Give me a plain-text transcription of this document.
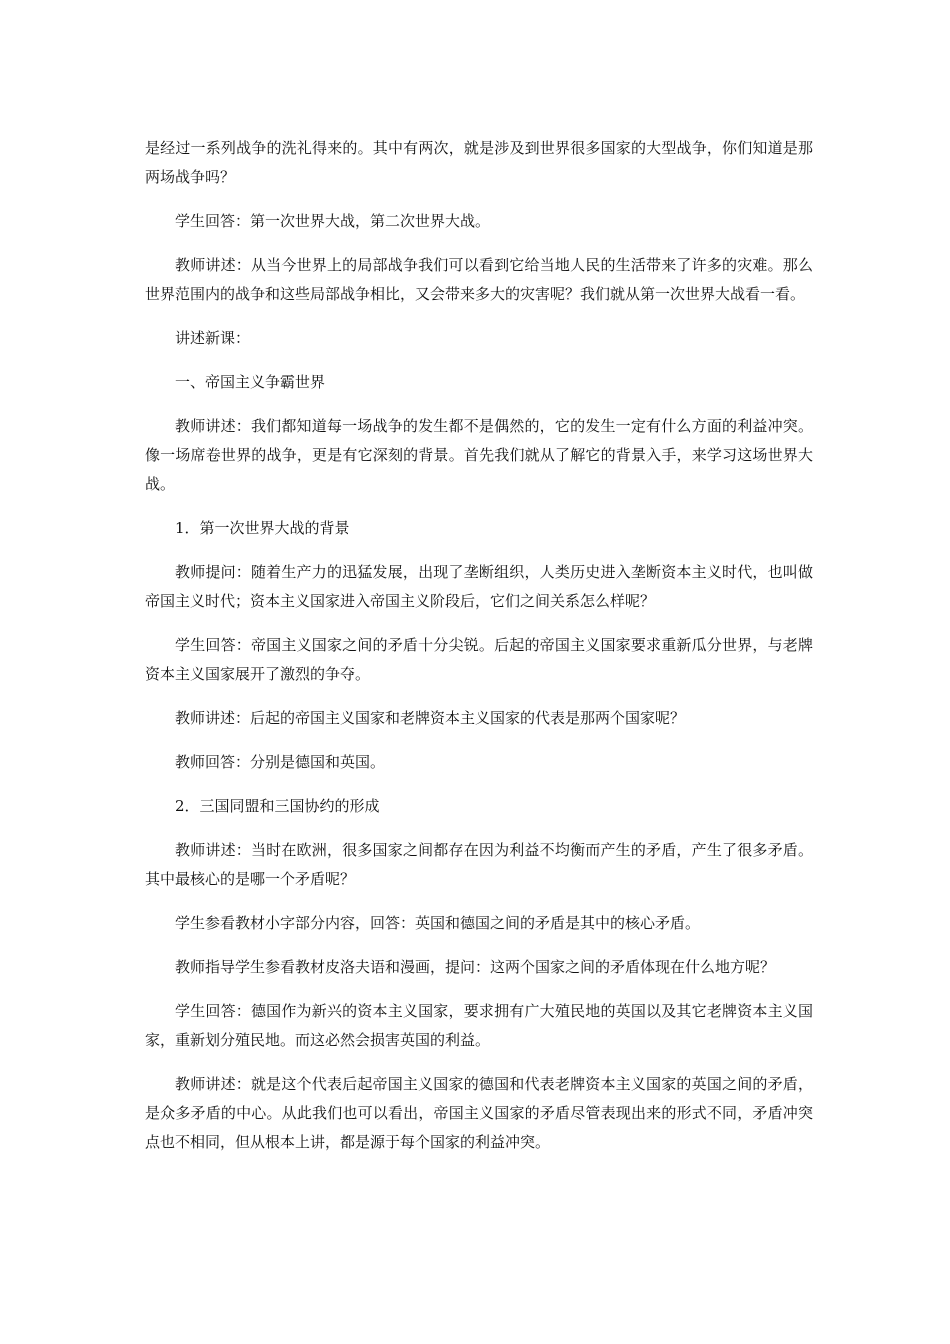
是经过一系列战争的洗礼得来的。其中有两次，就是涉及到世界很多国家的大型战争，你们知道是那两场战争吗？

学生回答：第一次世界大战，第二次世界大战。

教师讲述：从当今世界上的局部战争我们可以看到它给当地人民的生活带来了许多的灾难。那么世界范围内的战争和这些局部战争相比，又会带来多大的灾害呢？我们就从第一次世界大战看一看。

讲述新课：

一、帝国主义争霸世界

教师讲述：我们都知道每一场战争的发生都不是偶然的，它的发生一定有什么方面的利益冲突。像一场席卷世界的战争，更是有它深刻的背景。首先我们就从了解它的背景入手，来学习这场世界大战。

1．第一次世界大战的背景

教师提问：随着生产力的迅猛发展，出现了垄断组织，人类历史进入垄断资本主义时代，也叫做帝国主义时代；资本主义国家进入帝国主义阶段后，它们之间关系怎么样呢？

学生回答：帝国主义国家之间的矛盾十分尖锐。后起的帝国主义国家要求重新瓜分世界，与老牌资本主义国家展开了激烈的争夺。

教师讲述：后起的帝国主义国家和老牌资本主义国家的代表是那两个国家呢？

教师回答：分别是德国和英国。

2．三国同盟和三国协约的形成

教师讲述：当时在欧洲，很多国家之间都存在因为利益不均衡而产生的矛盾，产生了很多矛盾。其中最核心的是哪一个矛盾呢？

学生参看教材小字部分内容，回答：英国和德国之间的矛盾是其中的核心矛盾。

教师指导学生参看教材皮洛夫语和漫画，提问：这两个国家之间的矛盾体现在什么地方呢？

学生回答：德国作为新兴的资本主义国家，要求拥有广大殖民地的英国以及其它老牌资本主义国家，重新划分殖民地。而这必然会损害英国的利益。

教师讲述：就是这个代表后起帝国主义国家的德国和代表老牌资本主义国家的英国之间的矛盾，是众多矛盾的中心。从此我们也可以看出，帝国主义国家的矛盾尽管表现出来的形式不同，矛盾冲突点也不相同，但从根本上讲，都是源于每个国家的利益冲突。
